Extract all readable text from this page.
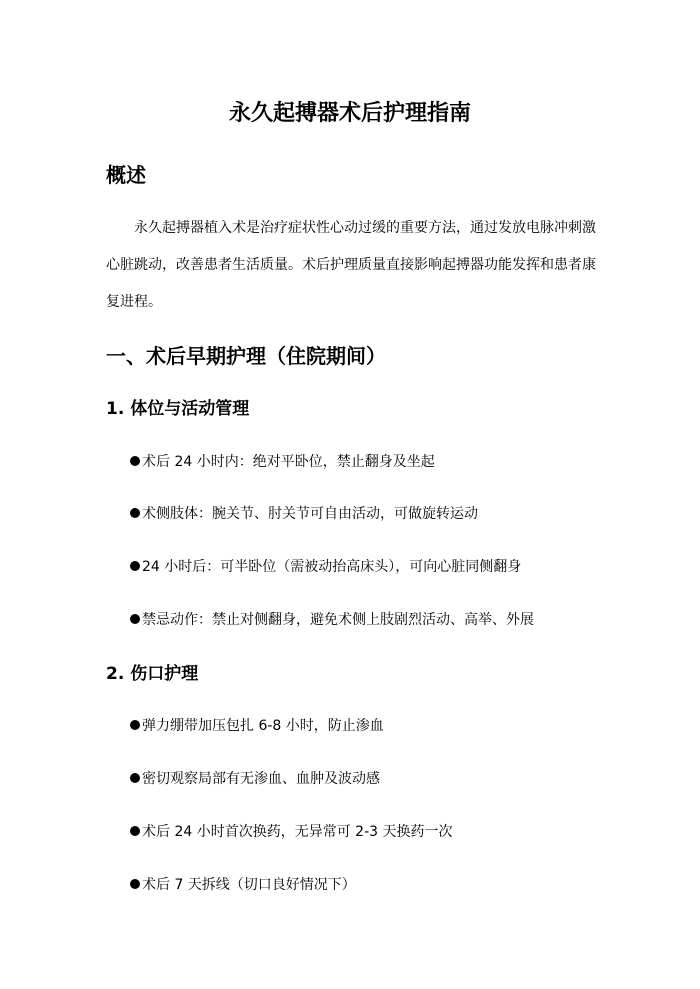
永久起搏器术后护理指南
概述

永久起搏器植入术是治疗症状性心动过缓的重要方法，通过发放电脉冲刺激心脏跳动，改善患者生活质量。术后护理质量直接影响起搏器功能发挥和患者康复进程。

一、术后早期护理（住院期间）
1. 体位与活动管理

术后 24 小时内：绝对平卧位，禁止翻身及坐起

术侧肢体：腕关节、肘关节可自由活动，可做旋转运动

24 小时后：可半卧位（需被动抬高床头），可向心脏同侧翻身

禁忌动作：禁止对侧翻身，避免术侧上肢剧烈活动、高举、外展

2. 伤口护理

弹力绷带加压包扎 6-8 小时，防止渗血

密切观察局部有无渗血、血肿及波动感

术后 24 小时首次换药，无异常可 2-3 天换药一次

术后 7 天拆线（切口良好情况下）
